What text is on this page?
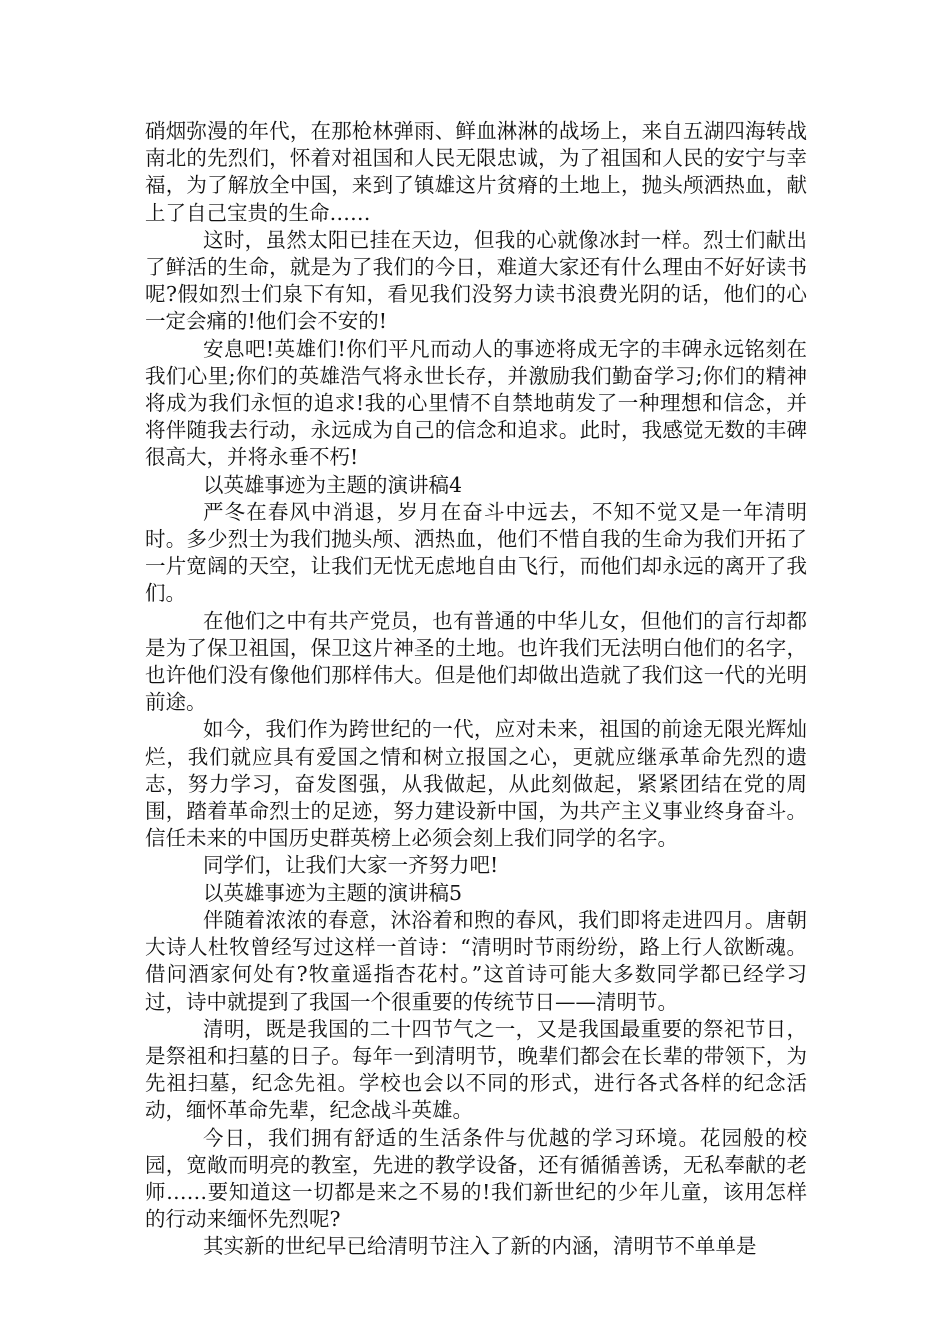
硝烟弥漫的年代，在那枪林弹雨、鲜血淋淋的战场上，来自五湖四海转战南北的先烈们，怀着对祖国和人民无限忠诚，为了祖国和人民的安宁与幸福，为了解放全中国，来到了镇雄这片贫瘠的土地上，抛头颅洒热血，献上了自己宝贵的生命……

这时，虽然太阳已挂在天边，但我的心就像冰封一样。烈士们献出了鲜活的生命，就是为了我们的今日，难道大家还有什么理由不好好读书呢?假如烈士们泉下有知，看见我们没努力读书浪费光阴的话，他们的心一定会痛的!他们会不安的!

安息吧!英雄们!你们平凡而动人的事迹将成无字的丰碑永远铭刻在我们心里;你们的英雄浩气将永世长存，并激励我们勤奋学习;你们的精神将成为我们永恒的追求!我的心里情不自禁地萌发了一种理想和信念，并将伴随我去行动，永远成为自己的信念和追求。此时，我感觉无数的丰碑很高大，并将永垂不朽!

以英雄事迹为主题的演讲稿4

严冬在春风中消退，岁月在奋斗中远去，不知不觉又是一年清明时。多少烈士为我们抛头颅、洒热血，他们不惜自我的生命为我们开拓了一片宽阔的天空，让我们无忧无虑地自由飞行，而他们却永远的离开了我们。

在他们之中有共产党员，也有普通的中华儿女，但他们的言行却都是为了保卫祖国，保卫这片神圣的土地。也许我们无法明白他们的名字，也许他们没有像他们那样伟大。但是他们却做出造就了我们这一代的光明前途。

如今，我们作为跨世纪的一代，应对未来，祖国的前途无限光辉灿烂，我们就应具有爱国之情和树立报国之心，更就应继承革命先烈的遗志，努力学习，奋发图强，从我做起，从此刻做起，紧紧团结在党的周围，踏着革命烈士的足迹，努力建设新中国，为共产主义事业终身奋斗。信任未来的中国历史群英榜上必须会刻上我们同学的名字。

同学们，让我们大家一齐努力吧!

以英雄事迹为主题的演讲稿5

伴随着浓浓的春意，沐浴着和煦的春风，我们即将走进四月。唐朝大诗人杜牧曾经写过这样一首诗：“清明时节雨纷纷，路上行人欲断魂。借问酒家何处有?牧童遥指杏花村。”这首诗可能大多数同学都已经学习过，诗中就提到了我国一个很重要的传统节日——清明节。

清明，既是我国的二十四节气之一，又是我国最重要的祭祀节日，是祭祖和扫墓的日子。每年一到清明节，晚辈们都会在长辈的带领下，为先祖扫墓，纪念先祖。学校也会以不同的形式，进行各式各样的纪念活动，缅怀革命先辈，纪念战斗英雄。

今日，我们拥有舒适的生活条件与优越的学习环境。花园般的校园，宽敞而明亮的教室，先进的教学设备，还有循循善诱，无私奉献的老师……要知道这一切都是来之不易的!我们新世纪的少年儿童，该用怎样的行动来缅怀先烈呢?

其实新的世纪早已给清明节注入了新的内涵，清明节不单单是
